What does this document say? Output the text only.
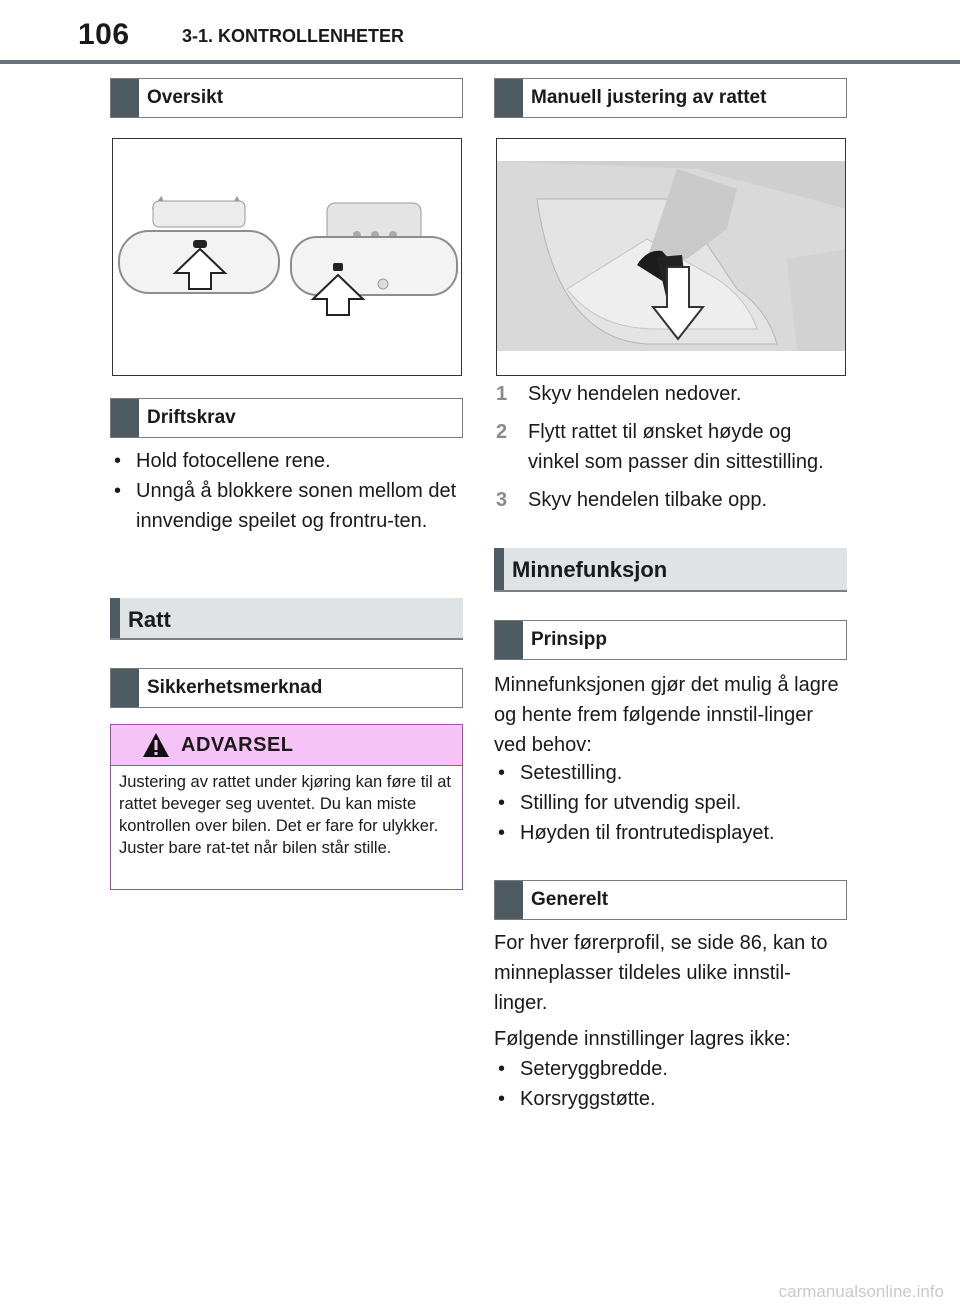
106	3-1. KONTROLLENHETER
Oversikt
Driftskrav
• Hold fotocellene rene.
• Unngå å blokkere sonen mellom det innvendige speilet og frontru-ten.
Ratt
Sikkerhetsmerknad
ADVARSEL
Justering av rattet under kjøring kan føre til at rattet beveger seg uventet. Du kan miste kontrollen over bilen. Det er fare for ulykker. Juster bare rat-tet når bilen står stille.
Manuell justering av rattet
1 Skyv hendelen nedover.
2 Flytt rattet til ønsket høyde og vinkel som passer din sittestilling.
3 Skyv hendelen tilbake opp.
Minnefunksjon
Prinsipp
Minnefunksjonen gjør det mulig å lagre og hente frem følgende innstil-linger ved behov:
• Setestilling.
• Stilling for utvendig speil.
• Høyden til frontrutedisplayet.
Generelt
For hver førerprofil, se side 86, kan to minneplasser tildeles ulike innstil-linger.
Følgende innstillinger lagres ikke:
• Seteryggbredde.
• Korsryggstøtte.
carmanualsonline.info
